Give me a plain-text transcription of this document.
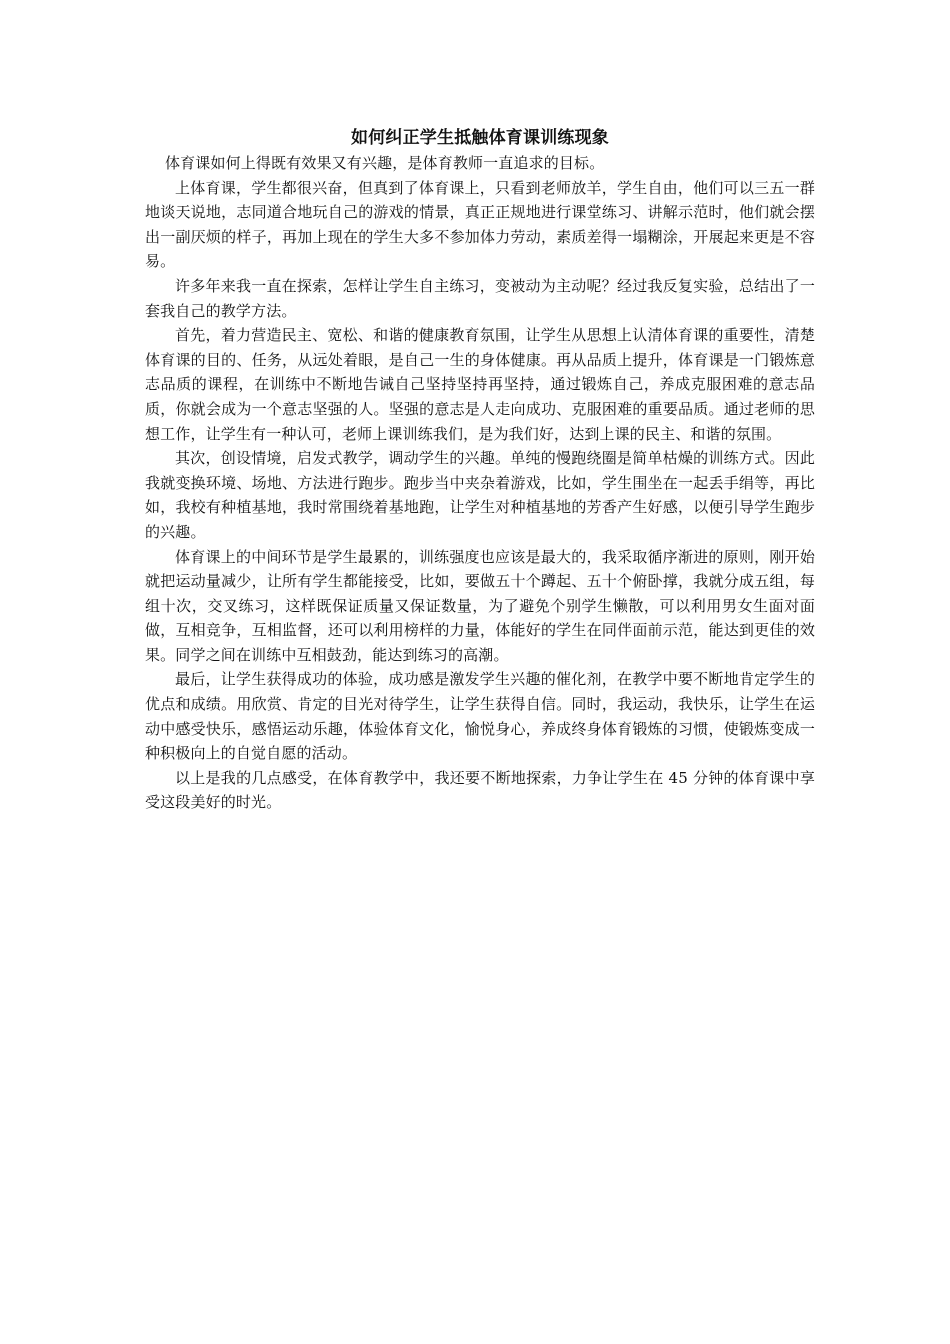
如何纠正学生抵触体育课训练现象

体育课如何上得既有效果又有兴趣，是体育教师一直追求的目标。

上体育课，学生都很兴奋，但真到了体育课上，只看到老师放羊，学生自由，他们可以三五一群地谈天说地，志同道合地玩自己的游戏的情景，真正正规地进行课堂练习、讲解示范时，他们就会摆出一副厌烦的样子，再加上现在的学生大多不参加体力劳动，素质差得一塌糊涂，开展起来更是不容易。

许多年来我一直在探索，怎样让学生自主练习，变被动为主动呢？经过我反复实验，总结出了一套我自己的教学方法。

首先，着力营造民主、宽松、和谐的健康教育氛围，让学生从思想上认清体育课的重要性，清楚体育课的目的、任务，从远处着眼，是自己一生的身体健康。再从品质上提升，体育课是一门锻炼意志品质的课程，在训练中不断地告诫自己坚持坚持再坚持，通过锻炼自己，养成克服困难的意志品质，你就会成为一个意志坚强的人。坚强的意志是人走向成功、克服困难的重要品质。通过老师的思想工作，让学生有一种认可，老师上课训练我们，是为我们好，达到上课的民主、和谐的氛围。

其次，创设情境，启发式教学，调动学生的兴趣。单纯的慢跑绕圈是简单枯燥的训练方式。因此我就变换环境、场地、方法进行跑步。跑步当中夹杂着游戏，比如，学生围坐在一起丢手绢等，再比如，我校有种植基地，我时常围绕着基地跑，让学生对种植基地的芳香产生好感，以便引导学生跑步的兴趣。

体育课上的中间环节是学生最累的，训练强度也应该是最大的，我采取循序渐进的原则，刚开始就把运动量减少，让所有学生都能接受，比如，要做五十个蹲起、五十个俯卧撑，我就分成五组，每组十次，交叉练习，这样既保证质量又保证数量，为了避免个别学生懒散，可以利用男女生面对面做，互相竞争，互相监督，还可以利用榜样的力量，体能好的学生在同伴面前示范，能达到更佳的效果。同学之间在训练中互相鼓劲，能达到练习的高潮。

最后，让学生获得成功的体验，成功感是激发学生兴趣的催化剂，在教学中要不断地肯定学生的优点和成绩。用欣赏、肯定的目光对待学生，让学生获得自信。同时，我运动，我快乐，让学生在运动中感受快乐，感悟运动乐趣，体验体育文化，愉悦身心，养成终身体育锻炼的习惯，使锻炼变成一种积极向上的自觉自愿的活动。

以上是我的几点感受，在体育教学中，我还要不断地探索，力争让学生在 45 分钟的体育课中享受这段美好的时光。
